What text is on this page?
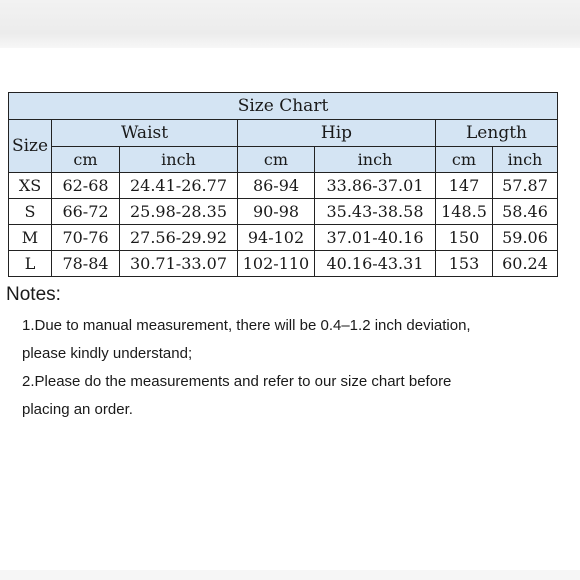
Size Chart						
Size	Waist		Hip		Length	
	cm	inch	cm	inch	cm	inch
XS	62-68	24.41-26.77	86-94	33.86-37.01	147	57.87
S	66-72	25.98-28.35	90-98	35.43-38.58	148.5	58.46
M	70-76	27.56-29.92	94-102	37.01-40.16	150	59.06
L	78-84	30.71-33.07	102-110	40.16-43.31	153	60.24
Notes:
1.Due to manual measurement, there will be 0.4–1.2 inch deviation,
please kindly understand;
2.Please do the measurements and refer to our size chart before
placing an order.
